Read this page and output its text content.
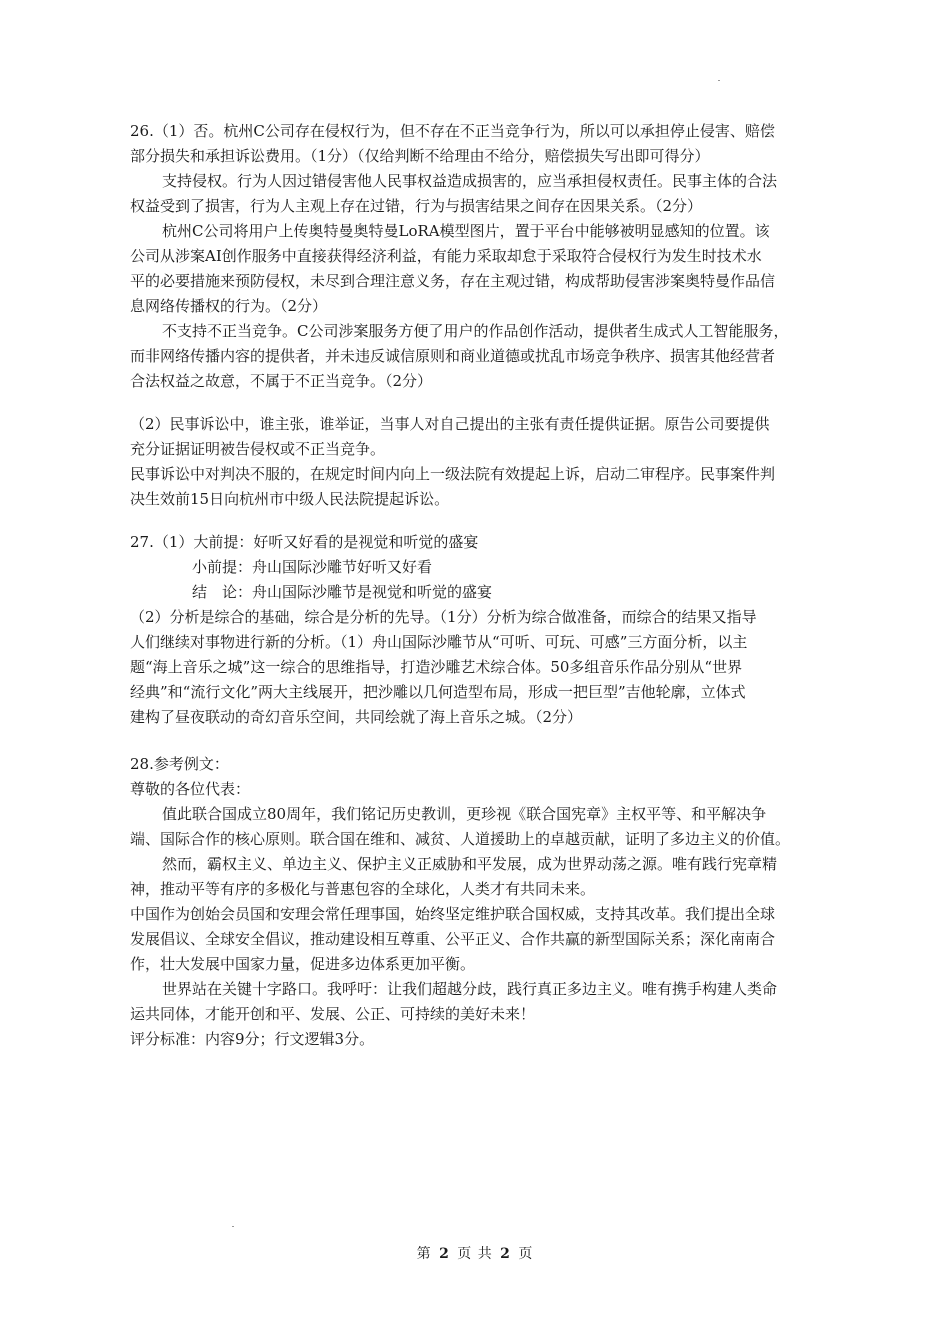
26.（1）否。杭州C公司存在侵权行为，但不存在不正当竞争行为，所以可以承担停止侵害、赔偿
部分损失和承担诉讼费用。（1分）（仅给判断不给理由不给分，赔偿损失写出即可得分）
支持侵权。行为人因过错侵害他人民事权益造成损害的，应当承担侵权责任。民事主体的合法
权益受到了损害，行为人主观上存在过错，行为与损害结果之间存在因果关系。（2分）
杭州C公司将用户上传奥特曼奥特曼LoRA模型图片，置于平台中能够被明显感知的位置。该
公司从涉案AI创作服务中直接获得经济利益，有能力采取却怠于采取符合侵权行为发生时技术水
平的必要措施来预防侵权，未尽到合理注意义务，存在主观过错，构成帮助侵害涉案奥特曼作品信
息网络传播权的行为。（2分）
不支持不正当竞争。C公司涉案服务方便了用户的作品创作活动，提供者生成式人工智能服务，
而非网络传播内容的提供者，并未违反诚信原则和商业道德或扰乱市场竞争秩序、损害其他经营者
合法权益之故意，不属于不正当竞争。（2分）
（2）民事诉讼中，谁主张，谁举证，当事人对自己提出的主张有责任提供证据。原告公司要提供
充分证据证明被告侵权或不正当竞争。
民事诉讼中对判决不服的，在规定时间内向上一级法院有效提起上诉，启动二审程序。民事案件判
决生效前15日向杭州市中级人民法院提起诉讼。
27.（1）大前提：好听又好看的是视觉和听觉的盛宴
小前提：舟山国际沙雕节好听又好看
结　论：舟山国际沙雕节是视觉和听觉的盛宴
（2）分析是综合的基础，综合是分析的先导。（1分）分析为综合做准备，而综合的结果又指导
人们继续对事物进行新的分析。（1）舟山国际沙雕节从“可听、可玩、可感”三方面分析，以主
题“海上音乐之城”这一综合的思维指导，打造沙雕艺术综合体。50多组音乐作品分别从“世界
经典”和“流行文化”两大主线展开，把沙雕以几何造型布局，形成一把巨型”吉他轮廓，立体式
建构了昼夜联动的奇幻音乐空间，共同绘就了海上音乐之城。（2分）
28.参考例文：
尊敬的各位代表：
值此联合国成立80周年，我们铭记历史教训，更珍视《联合国宪章》主权平等、和平解决争
端、国际合作的核心原则。联合国在维和、减贫、人道援助上的卓越贡献，证明了多边主义的价值。
然而，霸权主义、单边主义、保护主义正威胁和平发展，成为世界动荡之源。唯有践行宪章精
神，推动平等有序的多极化与普惠包容的全球化，人类才有共同未来。
中国作为创始会员国和安理会常任理事国，始终坚定维护联合国权威，支持其改革。我们提出全球
发展倡议、全球安全倡议，推动建设相互尊重、公平正义、合作共赢的新型国际关系；深化南南合
作，壮大发展中国家力量，促进多边体系更加平衡。
世界站在关键十字路口。我呼吁：让我们超越分歧，践行真正多边主义。唯有携手构建人类命
运共同体，才能开创和平、发展、公正、可持续的美好未来！
评分标准：内容9分；行文逻辑3分。
第 2 页 共 2 页
